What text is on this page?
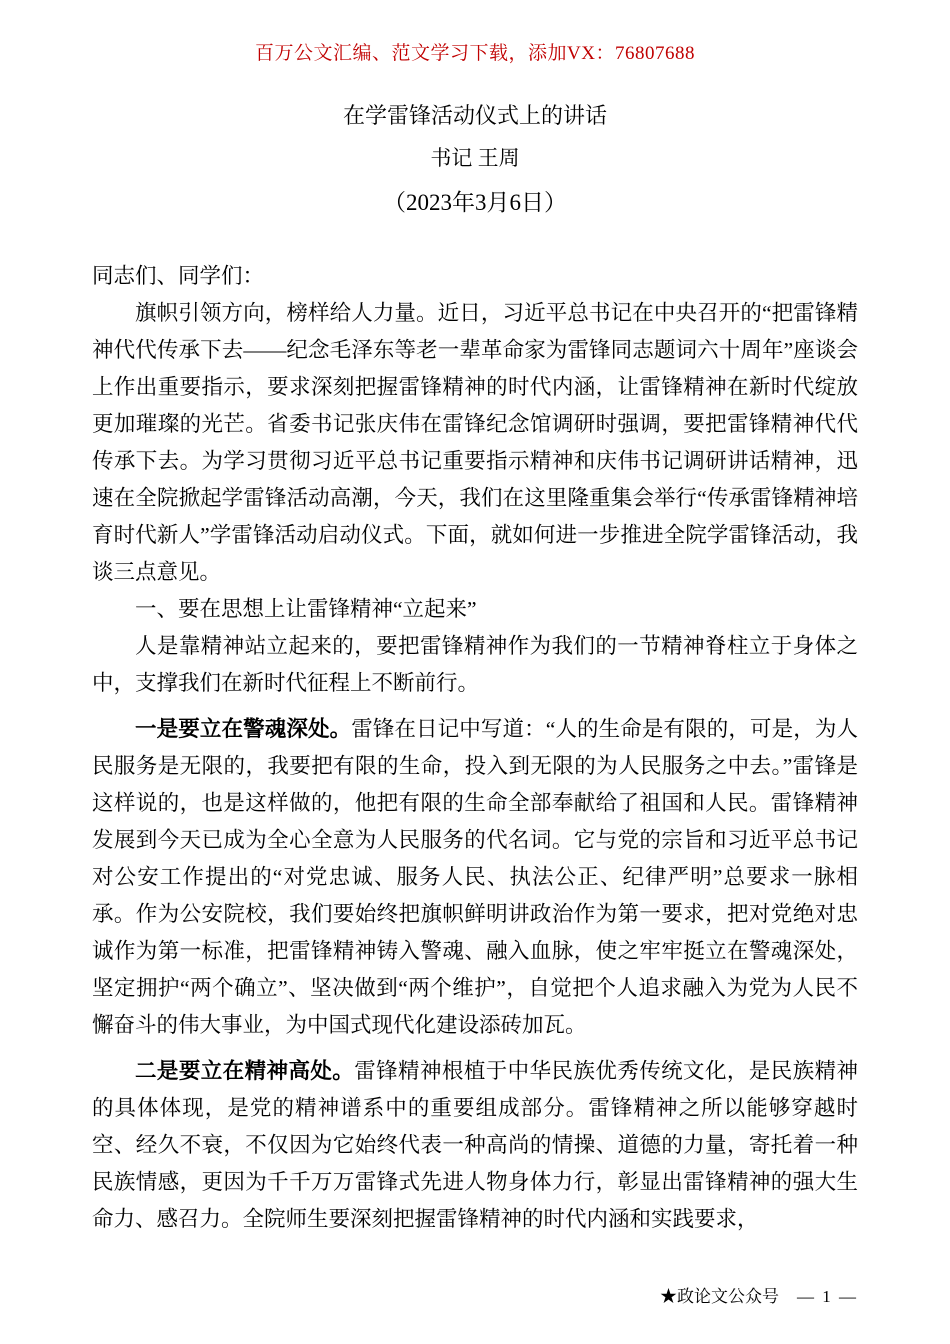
百万公文汇编、范文学习下载，添加VX：76807688
在学雷锋活动仪式上的讲话
书记 王周
（2023年3月6日）

同志们、同学们：

旗帜引领方向，榜样给人力量。近日，习近平总书记在中央召开的“把雷锋精神代代传承下去——纪念毛泽东等老一辈革命家为雷锋同志题词六十周年”座谈会上作出重要指示，要求深刻把握雷锋精神的时代内涵，让雷锋精神在新时代绽放更加璀璨的光芒。省委书记张庆伟在雷锋纪念馆调研时强调，要把雷锋精神代代传承下去。为学习贯彻习近平总书记重要指示精神和庆伟书记调研讲话精神，迅速在全院掀起学雷锋活动高潮，今天，我们在这里隆重集会举行“传承雷锋精神培育时代新人”学雷锋活动启动仪式。下面，就如何进一步推进全院学雷锋活动，我谈三点意见。

一、要在思想上让雷锋精神“立起来”

人是靠精神站立起来的，要把雷锋精神作为我们的一节精神脊柱立于身体之中，支撑我们在新时代征程上不断前行。

一是要立在警魂深处。雷锋在日记中写道：“人的生命是有限的，可是，为人民服务是无限的，我要把有限的生命，投入到无限的为人民服务之中去。”雷锋是这样说的，也是这样做的，他把有限的生命全部奉献给了祖国和人民。雷锋精神发展到今天已成为全心全意为人民服务的代名词。它与党的宗旨和习近平总书记对公安工作提出的“对党忠诚、服务人民、执法公正、纪律严明”总要求一脉相承。作为公安院校，我们要始终把旗帜鲜明讲政治作为第一要求，把对党绝对忠诚作为第一标准，把雷锋精神铸入警魂、融入血脉，使之牢牢挺立在警魂深处，坚定拥护“两个确立”、坚决做到“两个维护”，自觉把个人追求融入为党为人民不懈奋斗的伟大事业，为中国式现代化建设添砖加瓦。

二是要立在精神高处。雷锋精神根植于中华民族优秀传统文化，是民族精神的具体体现，是党的精神谱系中的重要组成部分。雷锋精神之所以能够穿越时空、经久不衰，不仅因为它始终代表一种高尚的情操、道德的力量，寄托着一种民族情感，更因为千千万万雷锋式先进人物身体力行，彰显出雷锋精神的强大生命力、感召力。全院师生要深刻把握雷锋精神的时代内涵和实践要求，

★政论文公众号 — 1 —
